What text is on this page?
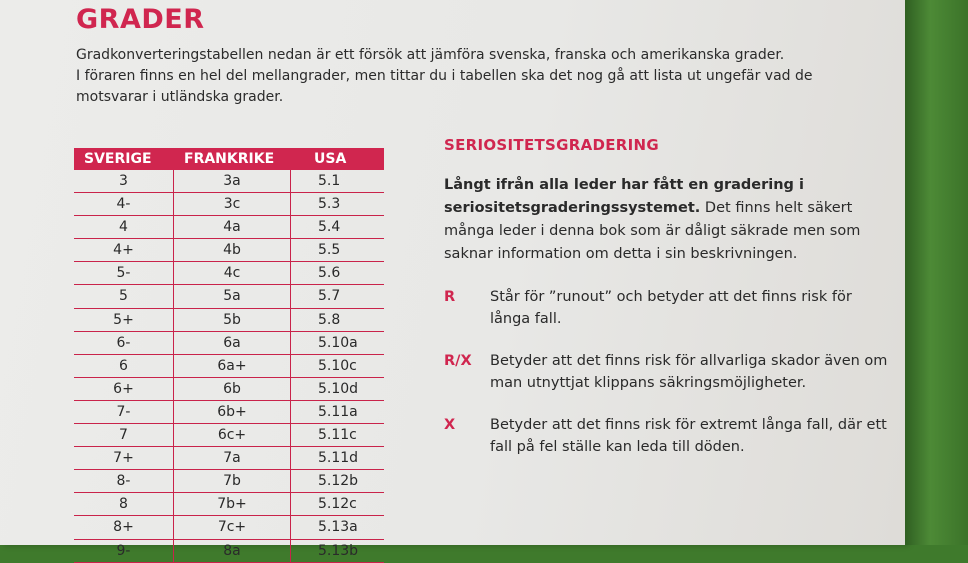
GRADER

Gradkonverteringstabellen nedan är ett försök att jämföra svenska, franska och amerikanska grader.

I föraren finns en hel del mellangrader, men tittar du i tabellen ska det nog gå att lista ut ungefär vad de

motsvarar i utländska grader.

SVERIGE	FRANKRIKE	USA
3	3a	5.1
4-	3c	5.3
4	4a	5.4
4+	4b	5.5
5-	4c	5.6
5	5a	5.7
5+	5b	5.8
6-	6a	5.10a
6	6a+	5.10c
6+	6b	5.10d
7-	6b+	5.11a
7	6c+	5.11c
7+	7a	5.11d
8-	7b	5.12b
8	7b+	5.12c
8+	7c+	5.13a
9-	8a	5.13b
SERIOSITETSGRADERING
Långt ifrån alla leder har fått en gradering i seriositetsgraderingssystemet. Det finns helt säkert många leder i denna bok som är dåligt säkrade men som saknar information om detta i sin beskrivningen.
R	Står för ”runout” och betyder att det finns risk för långa fall.
R/X	Betyder att det finns risk för allvarliga skador även om man utnyttjat klippans säkringsmöjligheter.
X	Betyder att det finns risk för extremt långa fall, där ett fall på fel ställe kan leda till döden.
